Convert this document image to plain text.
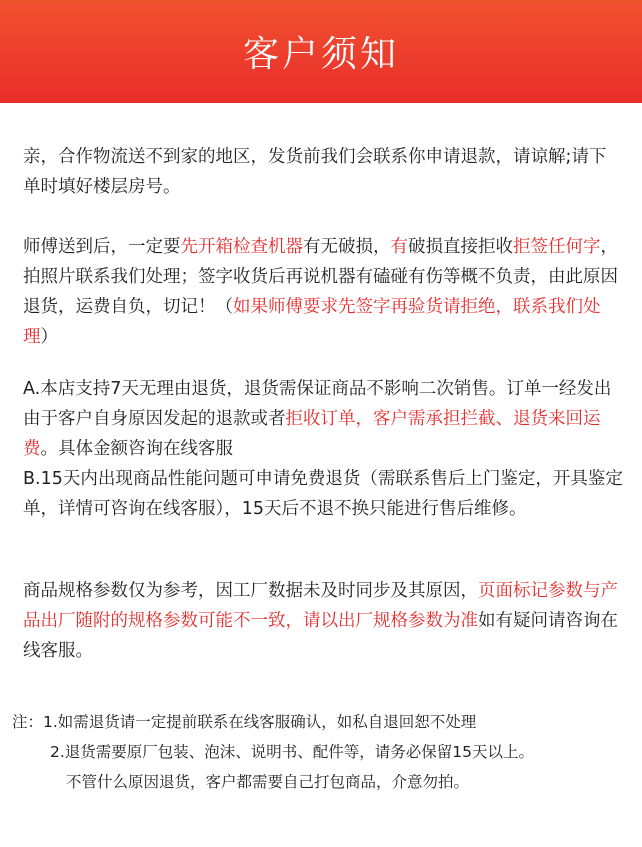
客户须知
亲，合作物流送不到家的地区，发货前我们会联系你申请退款，请谅解;请下单时填好楼层房号。
师傅送到后，一定要先开箱检查机器有无破损，有破损直接拒收拒签任何字，拍照片联系我们处理；签字收货后再说机器有磕碰有伤等概不负责，由此原因退货，运费自负，切记！（如果师傅要求先签字再验货请拒绝，联系我们处理）
A.本店支持7天无理由退货，退货需保证商品不影响二次销售。订单一经发出由于客户自身原因发起的退款或者拒收订单，客户需承担拦截、退货来回运费。具体金额咨询在线客服
B.15天内出现商品性能问题可申请免费退货（需联系售后上门鉴定，开具鉴定单，详情可咨询在线客服），15天后不退不换只能进行售后维修。
商品规格参数仅为参考，因工厂数据未及时同步及其原因，页面标记参数与产品出厂随附的规格参数可能不一致，请以出厂规格参数为准如有疑问请咨询在线客服。
注：1.如需退货请一定提前联系在线客服确认，如私自退回恕不处理
2.退货需要原厂包装、泡沫、说明书、配件等，请务必保留15天以上。
不管什么原因退货，客户都需要自己打包商品，介意勿拍。
